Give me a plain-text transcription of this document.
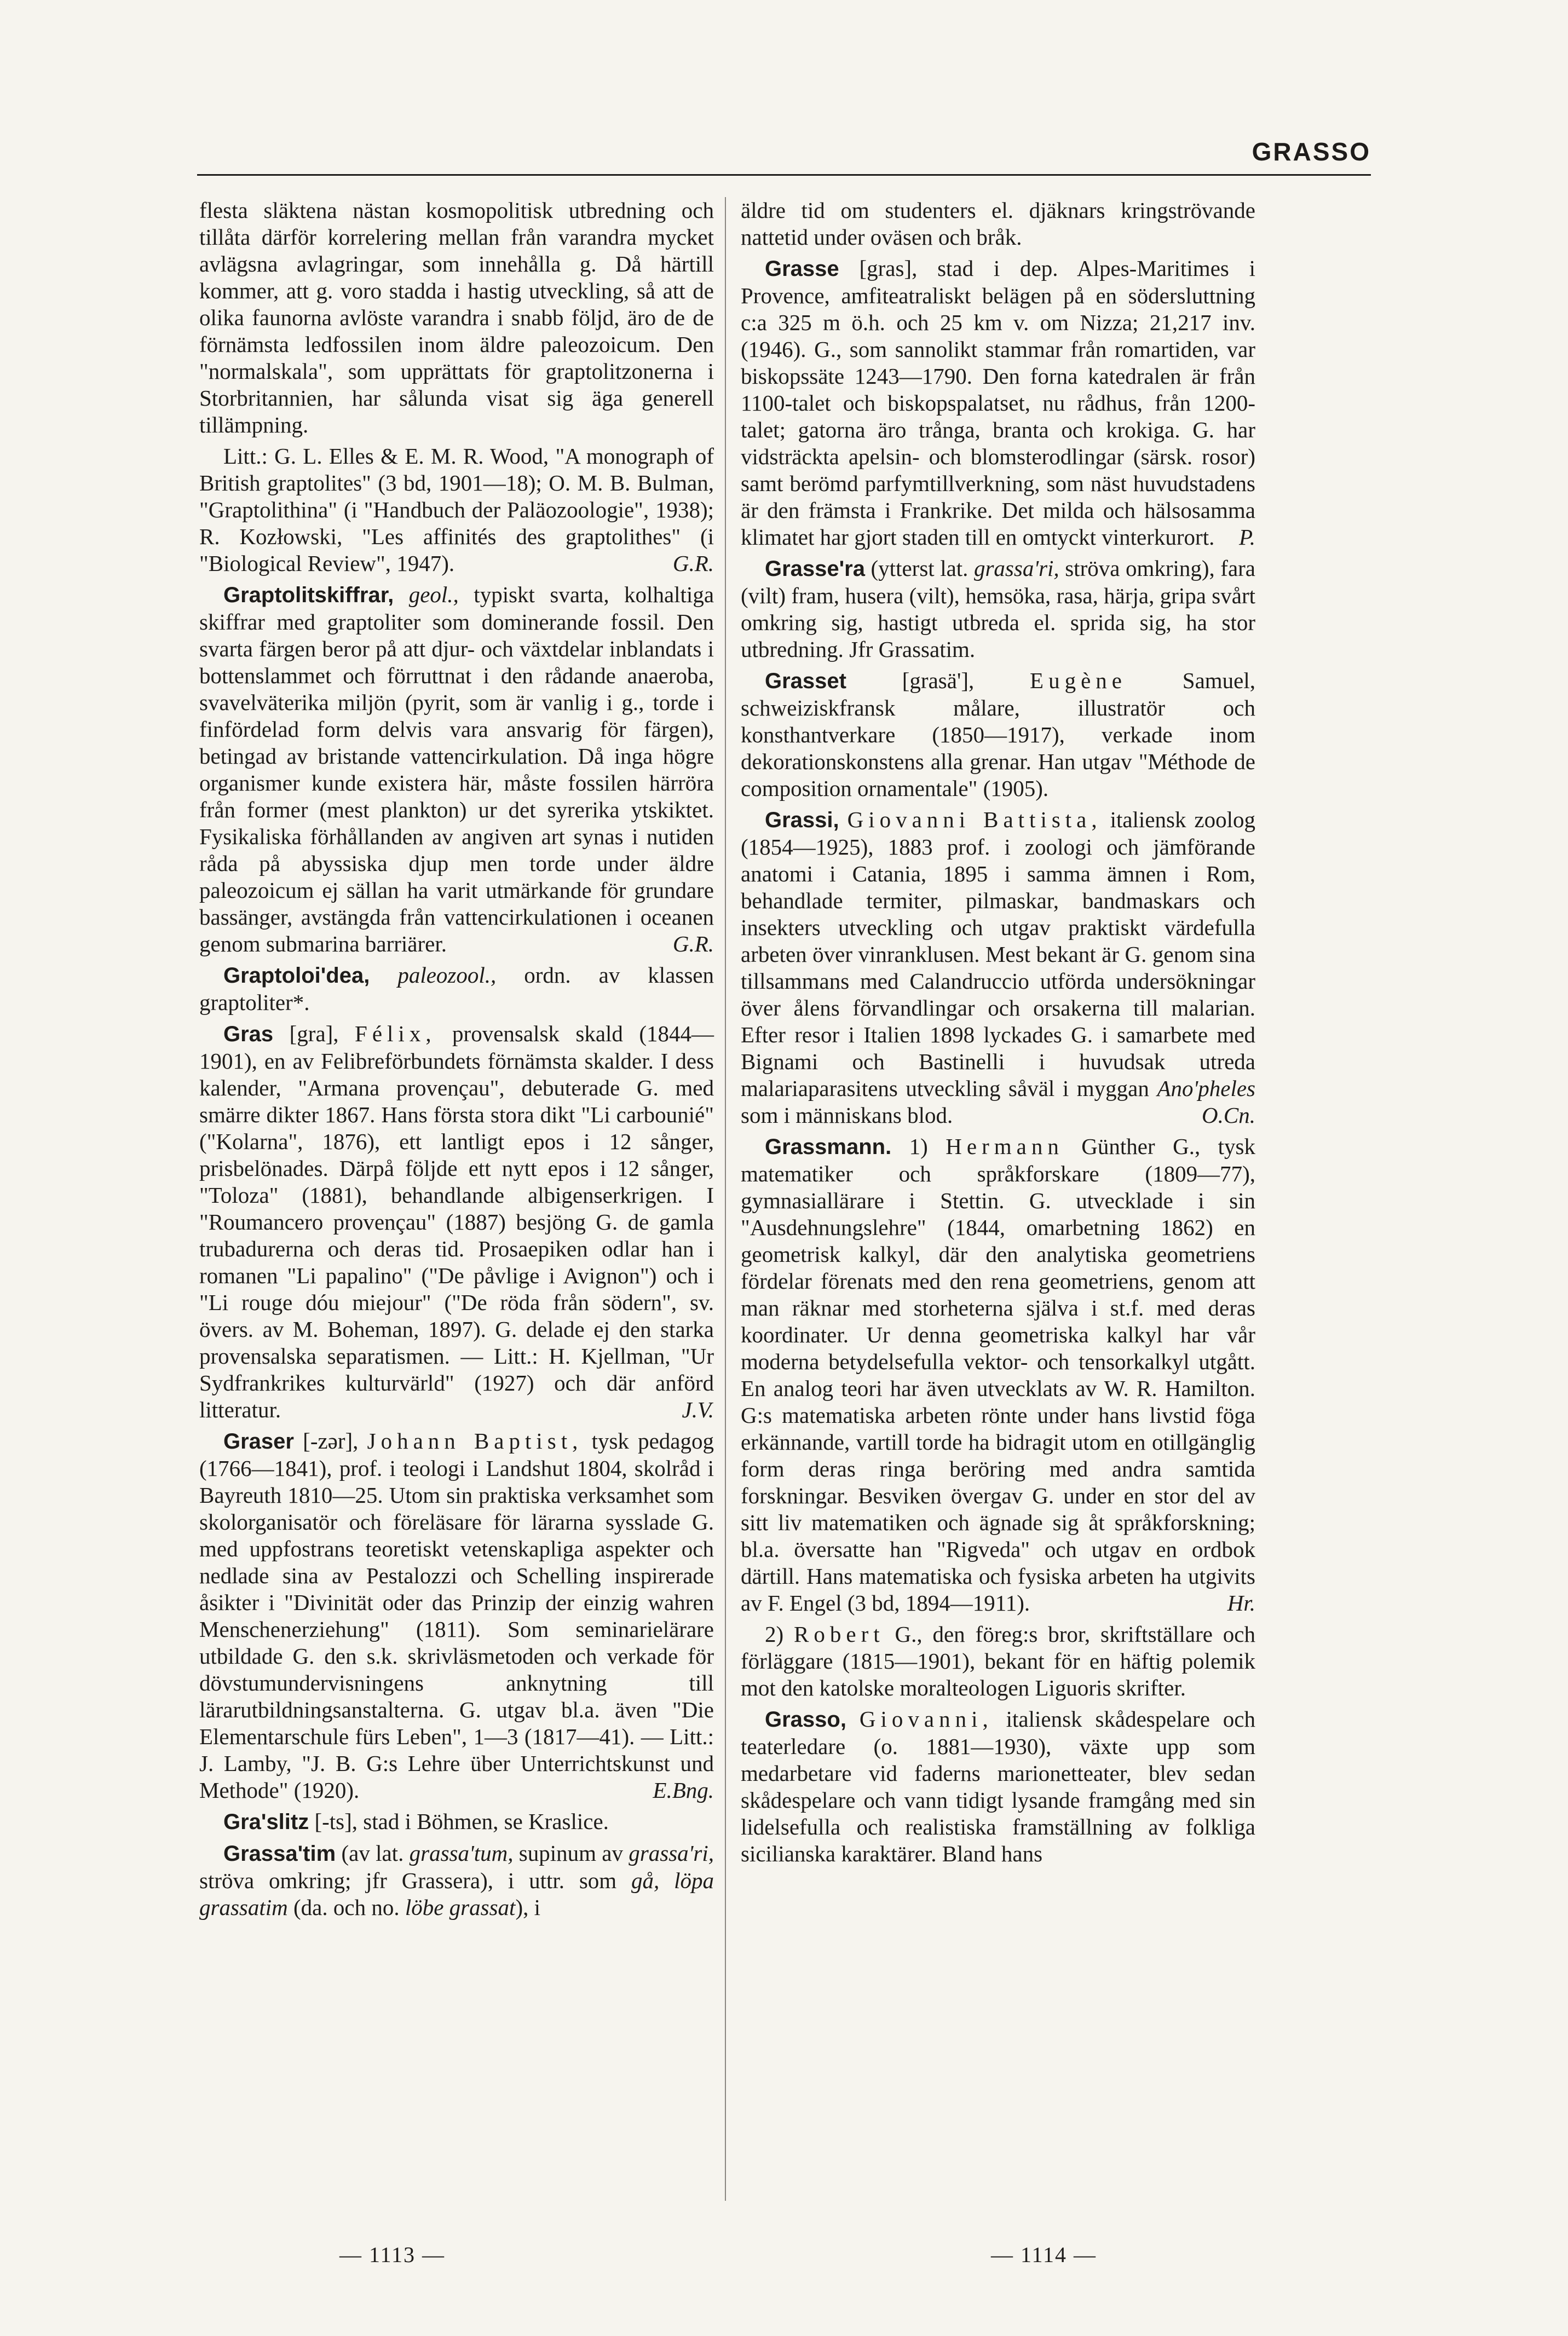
GRASSO

flesta släktena nästan kosmopolitisk utbredning och tillåta därför korrelering mellan från varandra mycket avlägsna avlagringar, som innehålla g. Då härtill kommer, att g. voro stadda i hastig utveckling, så att de olika faunorna avlöste varandra i snabb följd, äro de de förnämsta ledfossilen inom äldre paleozoicum. Den "normalskala", som upprättats för graptolitzonerna i Storbritannien, har sålunda visat sig äga generell tillämpning.

Litt.: G. L. Elles & E. M. R. Wood, "A monograph of British graptolites" (3 bd, 1901—18); O. M. B. Bulman, "Graptolithina" (i "Handbuch der Paläozoologie", 1938); R. Kozłowski, "Les affinités des graptolithes" (i "Biological Review", 1947).	G.R.

Graptolitskiffrar, geol., typiskt svarta, kolhaltiga skiffrar med graptoliter som dominerande fossil. Den svarta färgen beror på att djur- och växtdelar inblandats i bottenslammet och förruttnat i den rådande anaeroba, svavelväterika miljön (pyrit, som är vanlig i g., torde i finfördelad form delvis vara ansvarig för färgen), betingad av bristande vattencirkulation. Då inga högre organismer kunde existera här, måste fossilen härröra från former (mest plankton) ur det syrerika ytskiktet. Fysikaliska förhållanden av angiven art synas i nutiden råda på abyssiska djup men torde under äldre paleozoicum ej sällan ha varit utmärkande för grundare bassänger, avstängda från vattencirkulationen i oceanen genom submarina barriärer.	G.R.

Graptoloi'dea, paleozool., ordn. av klassen graptoliter*.

Gras [gra], Félix, provensalsk skald (1844—1901), en av Felibreförbundets förnämsta skalder. I dess kalender, "Armana provençau", debuterade G. med smärre dikter 1867. Hans första stora dikt "Li carbounié" ("Kolarna", 1876), ett lantligt epos i 12 sånger, prisbelönades. Därpå följde ett nytt epos i 12 sånger, "Toloza" (1881), behandlande albigenserkrigen. I "Roumancero provençau" (1887) besjöng G. de gamla trubadurerna och deras tid. Prosaepiken odlar han i romanen "Li papalino" ("De påvlige i Avignon") och i "Li rouge dóu miejour" ("De röda från södern", sv. övers. av M. Boheman, 1897). G. delade ej den starka provensalska separatismen. — Litt.: H. Kjellman, "Ur Sydfrankrikes kulturvärld" (1927) och där anförd litteratur.	J.V.

Graser [-zər], Johann Baptist, tysk pedagog (1766—1841), prof. i teologi i Landshut 1804, skolråd i Bayreuth 1810—25. Utom sin praktiska verksamhet som skolorganisatör och föreläsare för lärarna sysslade G. med uppfostrans teoretiskt vetenskapliga aspekter och nedlade sina av Pestalozzi och Schelling inspirerade åsikter i "Divinität oder das Prinzip der einzig wahren Menschenerziehung" (1811). Som seminarielärare utbildade G. den s.k. skrivläsmetoden och verkade för dövstumundervisningens anknytning till lärarutbildningsanstalterna. G. utgav bl.a. även "Die Elementarschule fürs Leben", 1—3 (1817—41). — Litt.: J. Lamby, "J. B. G:s Lehre über Unterrichtskunst und Methode" (1920).	E.Bng.

Gra'slitz [-ts], stad i Böhmen, se Kraslice.

Grassa'tim (av lat. grassa'tum, supinum av grassa'ri, ströva omkring; jfr Grassera), i uttr. som gå, löpa grassatim (da. och no. löbe grassat), i

äldre tid om studenters el. djäknars kringströvande nattetid under oväsen och bråk.

Grasse [gras], stad i dep. Alpes-Maritimes i Provence, amfiteatraliskt belägen på en södersluttning c:a 325 m ö.h. och 25 km v. om Nizza; 21,217 inv. (1946). G., som sannolikt stammar från romartiden, var biskopssäte 1243—1790. Den forna katedralen är från 1100-talet och biskopspalatset, nu rådhus, från 1200-talet; gatorna äro trånga, branta och krokiga. G. har vidsträckta apelsin- och blomsterodlingar (särsk. rosor) samt berömd parfymtillverkning, som näst huvudstadens är den främsta i Frankrike. Det milda och hälsosamma klimatet har gjort staden till en omtyckt vinterkurort.	P.

Grasse'ra (ytterst lat. grassa'ri, ströva omkring), fara (vilt) fram, husera (vilt), hemsöka, rasa, härja, gripa svårt omkring sig, hastigt utbreda el. sprida sig, ha stor utbredning. Jfr Grassatim.

Grasset [grasä'], Eugène Samuel, schweiziskfransk målare, illustratör och konsthantverkare (1850—1917), verkade inom dekorationskonstens alla grenar. Han utgav "Méthode de composition ornamentale" (1905).

Grassi, Giovanni Battista, italiensk zoolog (1854—1925), 1883 prof. i zoologi och jämförande anatomi i Catania, 1895 i samma ämnen i Rom, behandlade termiter, pilmaskar, bandmaskars och insekters utveckling och utgav praktiskt värdefulla arbeten över vinranklusen. Mest bekant är G. genom sina tillsammans med Calandruccio utförda undersökningar över ålens förvandlingar och orsakerna till malarian. Efter resor i Italien 1898 lyckades G. i samarbete med Bignami och Bastinelli i huvudsak utreda malariaparasitens utveckling såväl i myggan Ano'pheles som i människans blod.	O.Cn.

Grassmann. 1) Hermann Günther G., tysk matematiker och språkforskare (1809—77), gymnasiallärare i Stettin. G. utvecklade i sin "Ausdehnungslehre" (1844, omarbetning 1862) en geometrisk kalkyl, där den analytiska geometriens fördelar förenats med den rena geometriens, genom att man räknar med storheterna själva i st.f. med deras koordinater. Ur denna geometriska kalkyl har vår moderna betydelsefulla vektor- och tensorkalkyl utgått. En analog teori har även utvecklats av W. R. Hamilton. G:s matematiska arbeten rönte under hans livstid föga erkännande, vartill torde ha bidragit utom en otillgänglig form deras ringa beröring med andra samtida forskningar. Besviken övergav G. under en stor del av sitt liv matematiken och ägnade sig åt språkforskning; bl.a. översatte han "Rigveda" och utgav en ordbok därtill. Hans matematiska och fysiska arbeten ha utgivits av F. Engel (3 bd, 1894—1911).	Hr.

2) Robert G., den föreg:s bror, skriftställare och förläggare (1815—1901), bekant för en häftig polemik mot den katolske moralteologen Liguoris skrifter.

Grasso, Giovanni, italiensk skådespelare och teaterledare (o. 1881—1930), växte upp som medarbetare vid faderns marionetteater, blev sedan skådespelare och vann tidigt lysande framgång med sin lidelsefulla och realistiska framställning av folkliga sicilianska karaktärer. Bland hans

— 1113 —	— 1114 —
